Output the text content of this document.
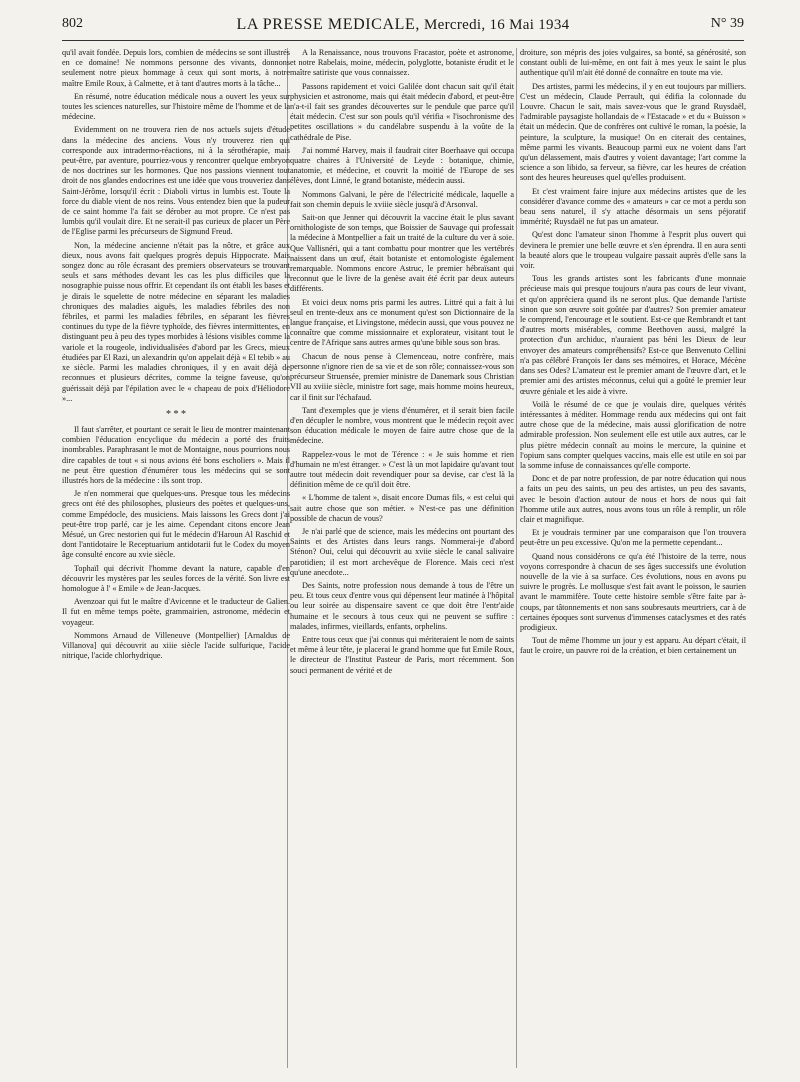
802	LA PRESSE MEDICALE, Mercredi, 16 Mai 1934	N° 39

qu'il avait fondée. Depuis lors, combien de médecins se sont illustrés en ce domaine! Ne nommons personne des vivants, donnons seulement notre pieux hommage à ceux qui sont morts, à notre maître Emile Roux, à Calmette, et à tant d'autres morts à la tâche...

En résumé, notre éducation médicale nous a ouvert les yeux sur toutes les sciences naturelles, sur l'histoire même de l'homme et de la médecine.

Evidemment on ne trouvera rien de nos actuels sujets d'étude dans la médecine des anciens. Vous n'y trouverez rien qui corresponde aux intradermo-réactions, ni à la sérothérapie, mais peut-être, par aventure, pourriez-vous y rencontrer quelque embryon de nos doctrines sur les hormones. Que nos passions viennent tout droit de nos glandes endocrines est une idée que vous trouveriez dans Saint-Jérôme, lorsqu'il écrit : Diaboli virtus in lumbis est. Toute la force du diable vient de nos reins. Vous entendez bien que la pudeur de ce saint homme l'a fait se dérober au mot propre. Ce n'est pas lumbis qu'il voulait dire. Et ne serait-il pas curieux de placer un Père de l'Eglise parmi les précurseurs de Sigmund Freud.

Non, la médecine ancienne n'était pas la nôtre, et grâce aux dieux, nous avons fait quelques progrès depuis Hippocrate. Mais songez donc au rôle écrasant des premiers observateurs se trouvant seuls et sans méthodes devant les cas les plus difficiles que la nosographie puisse nous offrir. Et cependant ils ont établi les bases et je dirais le squelette de notre médecine en séparant les maladies chroniques des maladies aiguës, les maladies fébriles des non fébriles, et parmi les maladies fébriles, en séparant les fièvres continues du type de la fièvre typhoïde, des fièvres intermittentes, en distinguant peu à peu des types morbides à lésions visibles comme la variole et la rougeole, individualisées d'abord par les Grecs, mieux étudiées par El Razi, un alexandrin qu'on appelait déjà « El tebib » au xe siècle. Parmi les maladies chroniques, il y en avait déjà de reconnues et plusieurs décrites, comme la teigne faveuse, qu'on guérissait déjà par l'épilation avec le « chapeau de poix d'Héliodore »...

* * *

Il faut s'arrêter, et pourtant ce serait le lieu de montrer maintenant combien l'éducation encyclique du médecin a porté des fruits inombrables. Paraphrasant le mot de Montaigne, nous pourrions nous dire capables de tout « si nous avions été bons escholiers ». Mais il ne peut être question d'énumérer tous les médecins qui se sont illustrés hors de la médecine : ils sont trop.

Je n'en nommerai que quelques-uns. Presque tous les médecins grecs ont été des philosophes, plusieurs des poètes et quelques-uns, comme Empédocle, des musiciens. Mais laissons les Grecs dont j'ai peut-être trop parlé, car je les aime. Cependant citons encore Jean Mésué, un Grec nestorien qui fut le médecin d'Haroun Al Raschid et dont l'antidotaire le Receptuarium antidotarii fut le Codex du moyen âge consulté encore au xvie siècle.

Tophaïl qui décrivit l'homme devant la nature, capable d'en découvrir les mystères par les seules forces de la vérité. Son livre est homologue à l' « Emile » de Jean-Jacques.

Avenzoar qui fut le maître d'Avicenne et le traducteur de Galien. Il fut en même temps poète, grammairien, astronome, médecin et voyageur.

Nommons Arnaud de Villeneuve (Montpellier) [Arnaldus de Villanova] qui découvrit au xiiie siècle l'acide sulfurique, l'acide nitrique, l'acide chlorhydrique.

A la Renaissance, nous trouvons Fracastor, poète et astronome, et notre Rabelais, moine, médecin, polyglotte, botaniste érudit et le maître satiriste que vous connaissez.

Passons rapidement et voici Galilée dont chacun sait qu'il était physicien et astronome, mais qui était médecin d'abord, et peut-être n'a-t-il fait ses grandes découvertes sur le pendule que parce qu'il était médecin. C'est sur son pouls qu'il vérifia « l'isochronisme des petites oscillations » du candélabre suspendu à la voûte de la cathédrale de Pise.

J'ai nommé Harvey, mais il faudrait citer Boerhaave qui occupa quatre chaires à l'Université de Leyde : botanique, chimie, anatomie, et médecine, et couvrit la moitié de l'Europe de ses élèves, dont Linné, le grand botaniste, médecin aussi.

Nommons Galvani, le père de l'électricité médicale, laquelle a fait son chemin depuis le xviiie siècle jusqu'à d'Arsonval.

Sait-on que Jenner qui découvrit la vaccine était le plus savant ornithologiste de son temps, que Boissier de Sauvage qui professait la médecine à Montpellier a fait un traité de la culture du ver à soie. Que Vallisnéri, qui a tant combattu pour montrer que les vertébrés naissent dans un œuf, était botaniste et entomologiste également remarquable. Nommons encore Astruc, le premier hébraïsant qui reconnut que le livre de la genèse avait été écrit par deux auteurs différents.

Et voici deux noms pris parmi les autres. Littré qui a fait à lui seul en trente-deux ans ce monument qu'est son Dictionnaire de la langue française, et Livingstone, médecin aussi, que vous pouvez ne connaître que comme missionnaire et explorateur, visitant tout le centre de l'Afrique sans autres armes qu'une bible sous son bras.

Chacun de nous pense à Clemenceau, notre confrère, mais personne n'ignore rien de sa vie et de son rôle; connaissez-vous son précurseur Struensée, premier ministre de Danemark sous Christian VII au xviiie siècle, ministre fort sage, mais homme moins heureux, car il finit sur l'échafaud.

Tant d'exemples que je viens d'énumérer, et il serait bien facile d'en décupler le nombre, vous montrent que le médecin reçoit avec son éducation médicale le moyen de faire autre chose que de la médecine.

Rappelez-vous le mot de Térence : « Je suis homme et rien d'humain ne m'est étranger. » C'est là un mot lapidaire qu'avant tout autre tout médecin doit revendiquer pour sa devise, car c'est là la définition même de ce qu'il doit être.

« L'homme de talent », disait encore Dumas fils, « est celui qui sait autre chose que son métier. » N'est-ce pas une définition possible de chacun de vous?

Je n'ai parlé que de science, mais les médecins ont pourtant des Saints et des Artistes dans leurs rangs. Nommerai-je d'abord Sténon? Oui, celui qui découvrit au xviie siècle le canal salivaire parotidien; il est mort archevêque de Florence. Mais ceci n'est qu'une anecdote...

Des Saints, notre profession nous demande à tous de l'être un peu. Et tous ceux d'entre vous qui dépensent leur matinée à l'hôpital ou leur soirée au dispensaire savent ce que doit être l'entr'aide humaine et le secours à tous ceux qui ne peuvent se suffire : malades, infirmes, vieillards, enfants, orphelins.

Entre tous ceux que j'ai connus qui mériteraient le nom de saints et même à leur tête, je placerai le grand homme que fut Emile Roux, le directeur de l'Institut Pasteur de Paris, mort récemment. Son souci permanent de vérité et de

droiture, son mépris des joies vulgaires, sa bonté, sa générosité, son constant oubli de lui-même, en ont fait à mes yeux le saint le plus authentique qu'il m'ait été donné de connaître en toute ma vie.

Des artistes, parmi les médecins, il y en eut toujours par milliers. C'est un médecin, Claude Perrault, qui édifia la colonnade du Louvre. Chacun le sait, mais savez-vous que le grand Ruysdaël, l'admirable paysagiste hollandais de « l'Estacade » et du « Buisson » était un médecin. Que de confrères ont cultivé le roman, la poésie, la peinture, la sculpture, la musique! On en citerait des centaines, même parmi les vivants. Beaucoup parmi eux ne voient dans l'art qu'un délassement, mais d'autres y voient davantage; l'art comme la science a son libido, sa ferveur, sa fièvre, car les heures de création sont des heures heureuses quel qu'elles produisent.

Et c'est vraiment faire injure aux médecins artistes que de les considérer d'avance comme des « amateurs » car ce mot a perdu son beau sens naturel, il s'y attache désormais un sens péjoratif immérité; Ruysdaël ne fut pas un amateur.

Qu'est donc l'amateur sinon l'homme à l'esprit plus ouvert qui devinera le premier une belle œuvre et s'en éprendra. Il en aura senti la beauté alors que le troupeau vulgaire passait auprès d'elle sans la voir.

Tous les grands artistes sont les fabricants d'une monnaie précieuse mais qui presque toujours n'aura pas cours de leur vivant, et qu'on appréciera quand ils ne seront plus. Que demande l'artiste sinon que son œuvre soit goûtée par d'autres? Son premier amateur le comprend, l'encourage et le soutient. Est-ce que Rembrandt et tant d'autres morts misérables, comme Beethoven aussi, malgré la protection d'un archiduc, n'auraient pas béni les Dieux de leur envoyer des amateurs compréhensifs? Est-ce que Benvenuto Cellini n'a pas célébré François Ier dans ses mémoires, et Horace, Mécène dans ses Odes? L'amateur est le premier amant de l'œuvre d'art, et le premier ami des artistes méconnus, celui qui a goûté le premier leur œuvre géniale et les aide à vivre.

Voilà le résumé de ce que je voulais dire, quelques vérités intéressantes à méditer. Hommage rendu aux médecins qui ont fait autre chose que de la médecine, mais aussi glorification de notre admirable profession. Non seulement elle est utile aux autres, car le plus piètre médecin connaît au moins le mercure, la quinine et l'opium sans compter quelques vaccins, mais elle est utile en soi par la somme infuse de connaissances qu'elle comporte.

Donc et de par notre profession, de par notre éducation qui nous a faits un peu des saints, un peu des artistes, un peu des savants, avec le besoin d'action autour de nous et hors de nous qui fait l'homme utile aux autres, nous avons tous un rôle à remplir, un rôle clair et magnifique.

Et je voudrais terminer par une comparaison que l'on trouvera peut-être un peu excessive. Qu'on me la permette cependant...

Quand nous considérons ce qu'a été l'histoire de la terre, nous voyons correspondre à chacun de ses âges successifs une évolution nouvelle de la vie à sa surface. Ces évolutions, nous en avons pu suivre le progrès. Le mollusque s'est fait avant le poisson, le saurien avant le mammifère. Toute cette histoire semble s'être faite par à-coups, par tâtonnements et non sans soubresauts meurtriers, car à de certaines époques sont survenus d'immenses cataclysmes et des ratés prodigieux.

Tout de même l'homme un jour y est apparu. Au départ c'était, il faut le croire, un pauvre roi de la création, et bien certainement un
